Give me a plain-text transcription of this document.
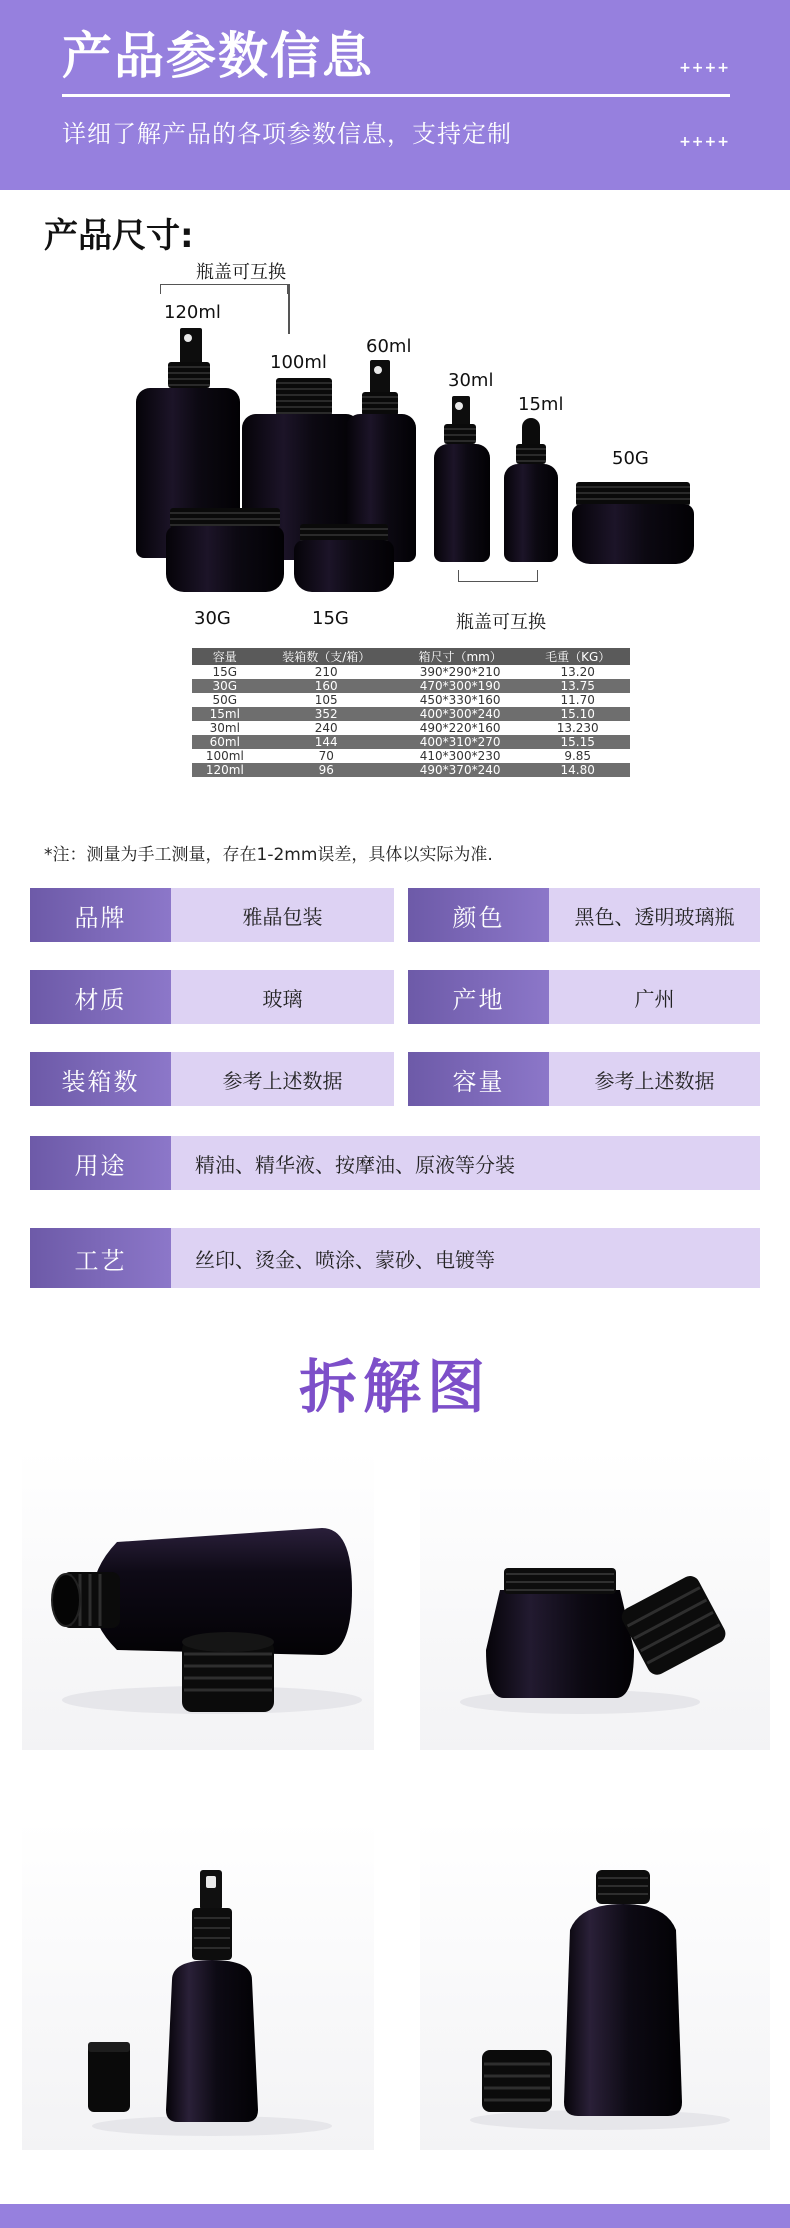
产品参数信息	++++
详细了解产品的各项参数信息，支持定制	++++
产品尺寸:
瓶盖可互换
120ml
100ml
60ml
30ml
15ml
50G
30G	15G	瓶盖可互换
容量	装箱数（支/箱）	箱尺寸（mm）	毛重（KG）
15G	210	390*290*210	13.20
30G	160	470*300*190	13.75
50G	105	450*330*160	11.70
15ml	352	400*300*240	15.10
30ml	240	490*220*160	13.230
60ml	144	400*310*270	15.15
100ml	70	410*300*230	9.85
120ml	96	490*370*240	14.80
*注：测量为手工测量，存在1-2mm误差，具体以实际为准.
品牌	雅晶包装	颜色	黑色、透明玻璃瓶
材质	玻璃	产地	广州
装箱数	参考上述数据	容量	参考上述数据
用途	精油、精华液、按摩油、原液等分装
工艺	丝印、烫金、喷涂、蒙砂、电镀等
拆解图
